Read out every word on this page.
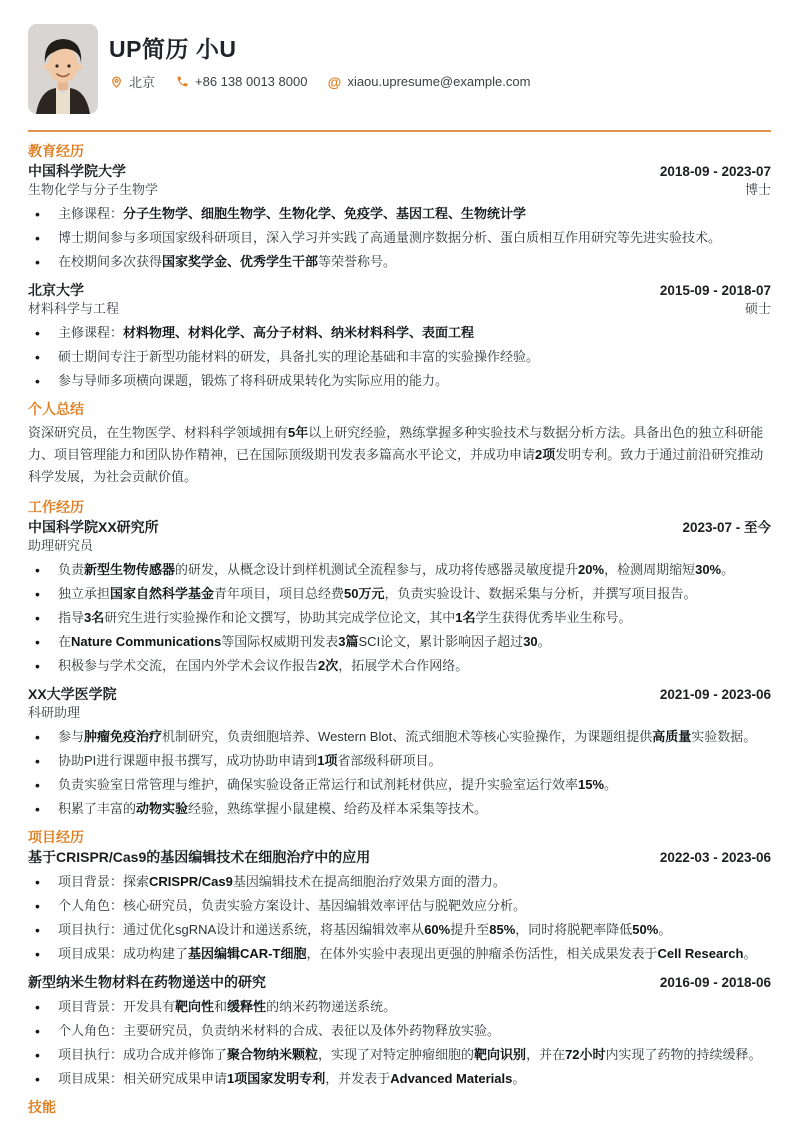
UP简历 小U
北京	+86 138 0013 8000 @ xiaou.upresume@example.com
教育经历
中国科学院大学	2018-09 - 2023-07
生物化学与分子生物学	博士
• 主修课程：分子生物学、细胞生物学、生物化学、免疫学、基因工程、生物统计学
• 博士期间参与多项国家级科研项目，深入学习并实践了高通量测序数据分析、蛋白质相互作用研究等先进实验技术。
• 在校期间多次获得国家奖学金、优秀学生干部等荣誉称号。
北京大学	2015-09 - 2018-07
材料科学与工程	硕士
• 主修课程：材料物理、材料化学、高分子材料、纳米材料科学、表面工程
• 硕士期间专注于新型功能材料的研发，具备扎实的理论基础和丰富的实验操作经验。
• 参与导师多项横向课题，锻炼了将科研成果转化为实际应用的能力。
个人总结

资深研究员，在生物医学、材料科学领域拥有5年以上研究经验，熟练掌握多种实验技术与数据分析方法。具备出色的独立科研能力、项目管理能力和团队协作精神，已在国际顶级期刊发表多篇高水平论文，并成功申请2项发明专利。致力于通过前沿研究推动科学发展，为社会贡献价值。

工作经历
中国科学院XX研究所	2023-07 - 至今
助理研究员
• 负责新型生物传感器的研发，从概念设计到样机测试全流程参与，成功将传感器灵敏度提升20%，检测周期缩短30%。
• 独立承担国家自然科学基金青年项目，项目总经费50万元，负责实验设计、数据采集与分析，并撰写项目报告。
• 指导3名研究生进行实验操作和论文撰写，协助其完成学位论文，其中1名学生获得优秀毕业生称号。
• 在Nature Communications等国际权威期刊发表3篇SCI论文，累计影响因子超过30。
• 积极参与学术交流，在国内外学术会议作报告2次，拓展学术合作网络。
XX大学医学院	2021-09 - 2023-06
科研助理
• 参与肿瘤免疫治疗机制研究，负责细胞培养、Western Blot、流式细胞术等核心实验操作，为课题组提供高质量实验数据。
• 协助PI进行课题申报书撰写，成功协助申请到1项省部级科研项目。
• 负责实验室日常管理与维护，确保实验设备正常运行和试剂耗材供应，提升实验室运行效率15%。
• 积累了丰富的动物实验经验，熟练掌握小鼠建模、给药及样本采集等技术。
项目经历
基于CRISPR/Cas9的基因编辑技术在细胞治疗中的应用	2022-03 - 2023-06
• 项目背景：探索CRISPR/Cas9基因编辑技术在提高细胞治疗效果方面的潜力。
• 个人角色：核心研究员，负责实验方案设计、基因编辑效率评估与脱靶效应分析。
• 项目执行：通过优化sgRNA设计和递送系统，将基因编辑效率从60%提升至85%，同时将脱靶率降低50%。
• 项目成果：成功构建了基因编辑CAR-T细胞，在体外实验中表现出更强的肿瘤杀伤活性，相关成果发表于Cell Research。
新型纳米生物材料在药物递送中的研究	2016-09 - 2018-06
• 项目背景：开发具有靶向性和缓释性的纳米药物递送系统。
• 个人角色：主要研究员，负责纳米材料的合成、表征以及体外药物释放实验。
• 项目执行：成功合成并修饰了聚合物纳米颗粒，实现了对特定肿瘤细胞的靶向识别，并在72小时内实现了药物的持续缓释。
• 项目成果：相关研究成果申请1项国家发明专利，并发表于Advanced Materials。
技能
